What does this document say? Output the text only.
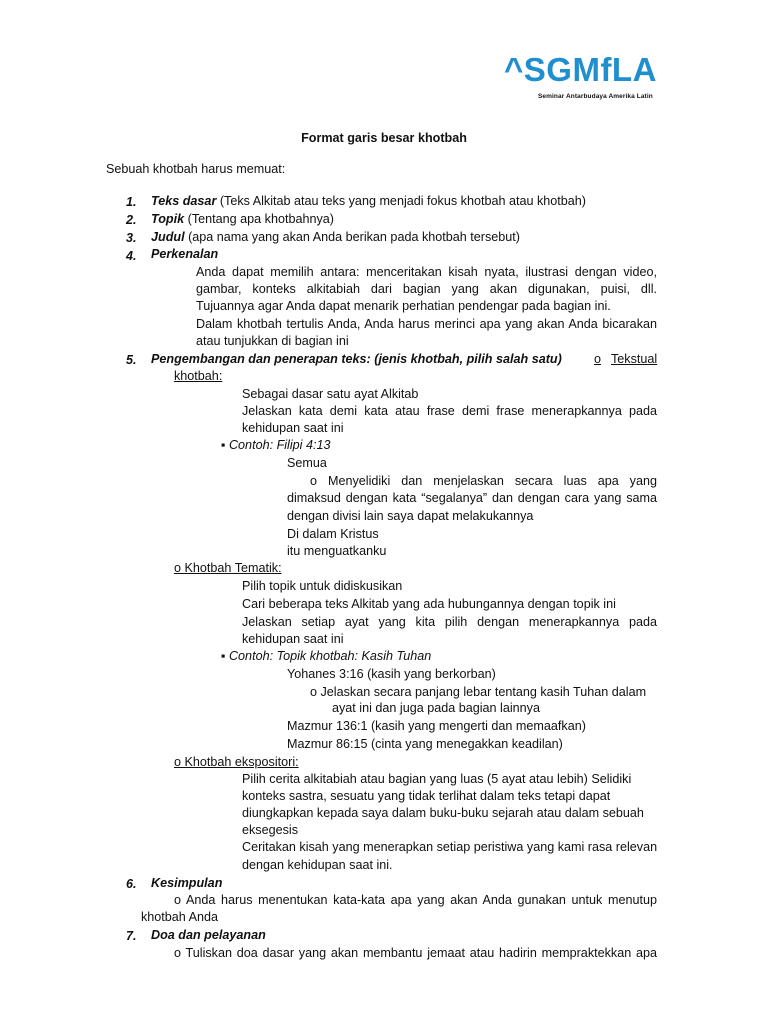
^SGMfLA
Seminar Antarbudaya Amerika Latin
Format garis besar khotbah
Sebuah khotbah harus memuat:
1. Teks dasar (Teks Alkitab atau teks yang menjadi fokus khotbah atau khotbah)
2. Topik (Tentang apa khotbahnya)
3. Judul (apa nama yang akan Anda berikan pada khotbah tersebut)
4. Perkenalan
Anda dapat memilih antara: menceritakan kisah nyata, ilustrasi dengan video,
gambar, konteks alkitabiah dari bagian yang akan digunakan, puisi, dll.
Tujuannya agar Anda dapat menarik perhatian pendengar pada bagian ini.
Dalam khotbah tertulis Anda, Anda harus merinci apa yang akan Anda bicarakan
atau tunjukkan di bagian ini
5. Pengembangan dan penerapan teks: (jenis khotbah, pilih salah satu)	o Tekstual
khotbah:
Sebagai dasar satu ayat Alkitab
Jelaskan kata demi kata atau frase demi frase menerapkannya pada
kehidupan saat ini
▪ Contoh: Filipi 4:13
Semua
o Menyelidiki dan menjelaskan secara luas apa yang
dimaksud dengan kata “segalanya” dan dengan cara yang sama
dengan divisi lain saya dapat melakukannya
Di dalam Kristus
itu menguatkanku
o Khotbah Tematik:
Pilih topik untuk didiskusikan
Cari beberapa teks Alkitab yang ada hubungannya dengan topik ini
Jelaskan setiap ayat yang kita pilih dengan menerapkannya pada
kehidupan saat ini
▪ Contoh: Topik khotbah: Kasih Tuhan
Yohanes 3:16 (kasih yang berkorban)
o Jelaskan secara panjang lebar tentang kasih Tuhan dalam
ayat ini dan juga pada bagian lainnya
Mazmur 136:1 (kasih yang mengerti dan memaafkan)
Mazmur 86:15 (cinta yang menegakkan keadilan)
o Khotbah ekspositori:
Pilih cerita alkitabiah atau bagian yang luas (5 ayat atau lebih) Selidiki
konteks sastra, sesuatu yang tidak terlihat dalam teks tetapi dapat
diungkapkan kepada saya dalam buku-buku sejarah atau dalam sebuah
eksegesis
Ceritakan kisah yang menerapkan setiap peristiwa yang kami rasa relevan
dengan kehidupan saat ini.
6. Kesimpulan
o Anda harus menentukan kata-kata apa yang akan Anda gunakan untuk menutup
khotbah Anda
7. Doa dan pelayanan
o Tuliskan doa dasar yang akan membantu jemaat atau hadirin mempraktekkan apa
